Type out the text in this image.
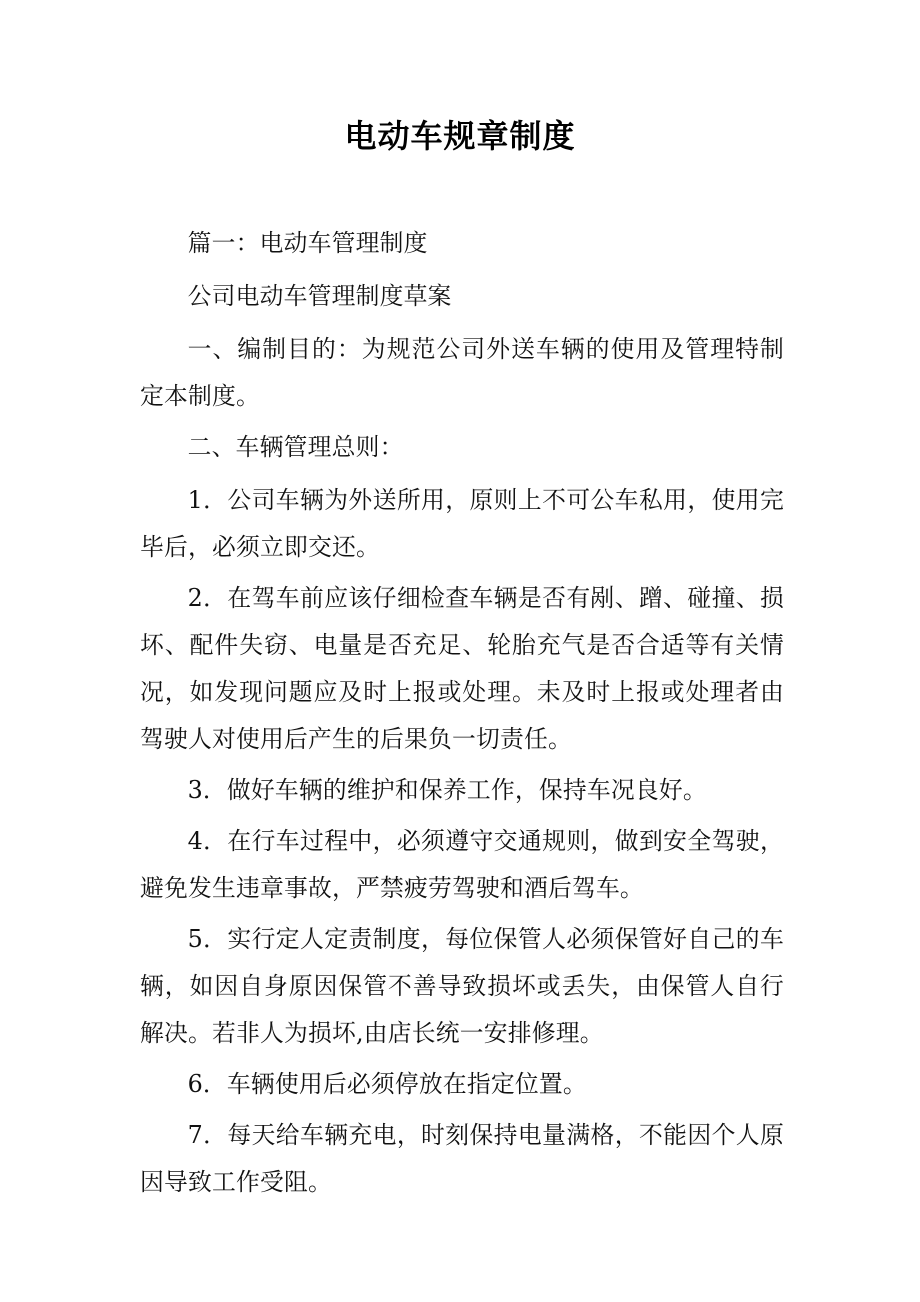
电动车规章制度

篇一：电动车管理制度

公司电动车管理制度草案

一、编制目的：为规范公司外送车辆的使用及管理特制定本制度。

二、车辆管理总则：

1．公司车辆为外送所用，原则上不可公车私用，使用完毕后，必须立即交还。

2．在驾车前应该仔细检查车辆是否有剐、蹭、碰撞、损坏、配件失窃、电量是否充足、轮胎充气是否合适等有关情况，如发现问题应及时上报或处理。未及时上报或处理者由驾驶人对使用后产生的后果负一切责任。

3．做好车辆的维护和保养工作，保持车况良好。

4．在行车过程中，必须遵守交通规则，做到安全驾驶，避免发生违章事故，严禁疲劳驾驶和酒后驾车。

5．实行定人定责制度，每位保管人必须保管好自己的车辆，如因自身原因保管不善导致损坏或丢失，由保管人自行解决。若非人为损坏,由店长统一安排修理。

6．车辆使用后必须停放在指定位置。

7．每天给车辆充电，时刻保持电量满格，不能因个人原因导致工作受阻。
